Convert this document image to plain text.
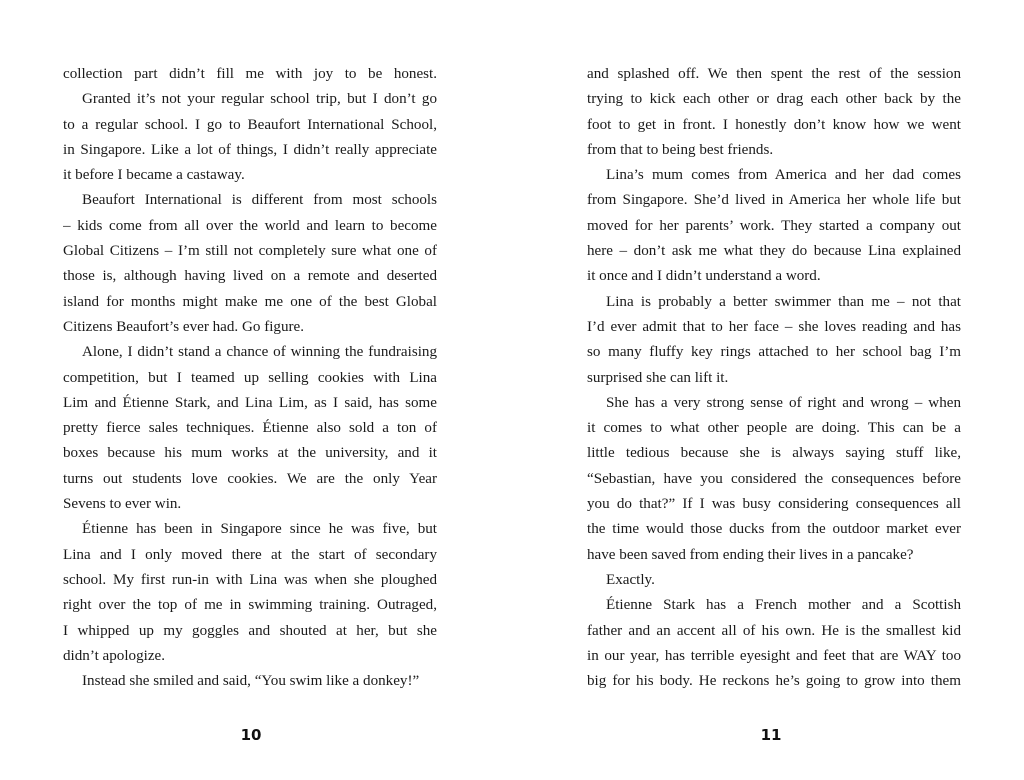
collection part didn’t fill me with joy to be honest.
Granted it’s not your regular school trip, but I don’t go
to a regular school. I go to Beaufort International School,
in Singapore. Like a lot of things, I didn’t really appreciate
it before I became a castaway.
Beaufort International is different from most schools
– kids come from all over the world and learn to become
Global Citizens – I’m still not completely sure what one of
those is, although having lived on a remote and deserted
island for months might make me one of the best Global
Citizens Beaufort’s ever had. Go figure.
Alone, I didn’t stand a chance of winning the fundraising
competition, but I teamed up selling cookies with Lina
Lim and Étienne Stark, and Lina Lim, as I said, has some
pretty fierce sales techniques. Étienne also sold a ton of
boxes because his mum works at the university, and it
turns out students love cookies. We are the only Year
Sevens to ever win.
Étienne has been in Singapore since he was five, but
Lina and I only moved there at the start of secondary
school. My first run-in with Lina was when she ploughed
right over the top of me in swimming training. Outraged,
I whipped up my goggles and shouted at her, but she
didn’t apologize.
Instead she smiled and said, “You swim like a donkey!”
and splashed off. We then spent the rest of the session
trying to kick each other or drag each other back by the
foot to get in front. I honestly don’t know how we went
from that to being best friends.
Lina’s mum comes from America and her dad comes
from Singapore. She’d lived in America her whole life but
moved for her parents’ work. They started a company out
here – don’t ask me what they do because Lina explained
it once and I didn’t understand a word.
Lina is probably a better swimmer than me – not that
I’d ever admit that to her face – she loves reading and has
so many fluffy key rings attached to her school bag I’m
surprised she can lift it.
She has a very strong sense of right and wrong – when
it comes to what other people are doing. This can be a
little tedious because she is always saying stuff like,
“Sebastian, have you considered the consequences before
you do that?” If I was busy considering consequences all
the time would those ducks from the outdoor market ever
have been saved from ending their lives in a pancake?
Exactly.
Étienne Stark has a French mother and a Scottish
father and an accent all of his own. He is the smallest kid
in our year, has terrible eyesight and feet that are WAY too
big for his body. He reckons he’s going to grow into them
10	11
